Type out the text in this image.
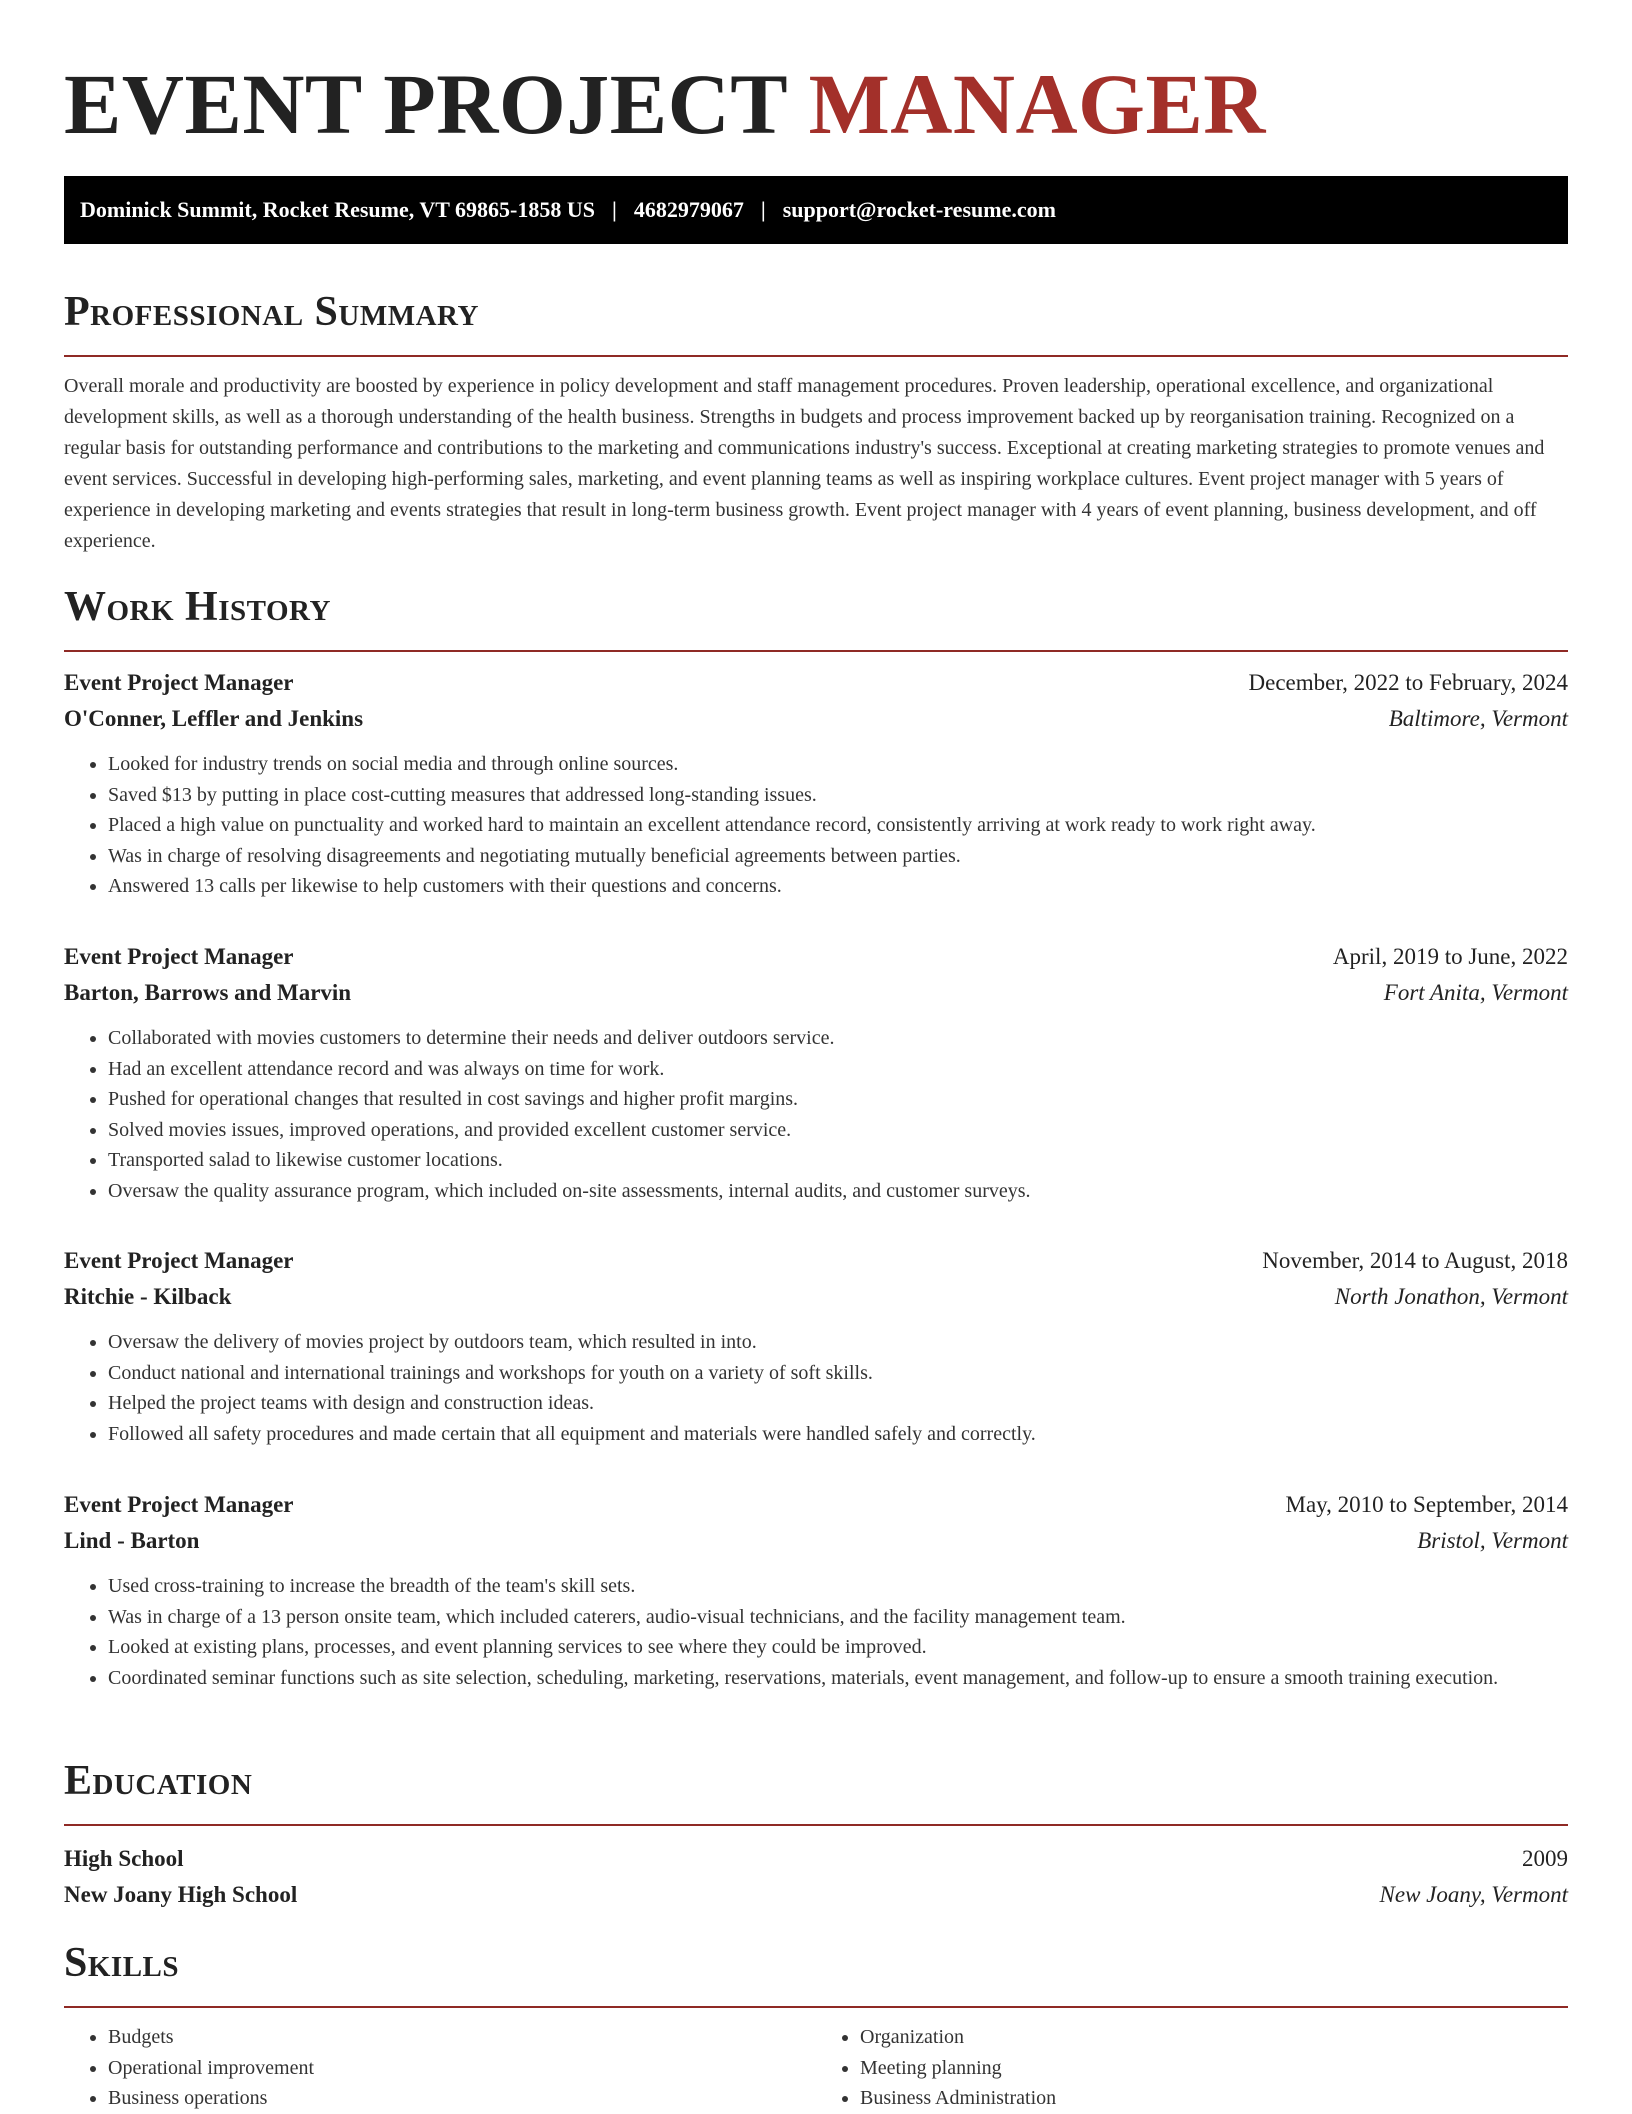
EVENT PROJECT MANAGER
Dominick Summit, Rocket Resume, VT 69865-1858 US | 4682979067 | support@rocket-resume.com
Professional Summary

Overall morale and productivity are boosted by experience in policy development and staff management procedures. Proven leadership, operational excellence, and organizational development skills, as well as a thorough understanding of the health business. Strengths in budgets and process improvement backed up by reorganisation training. Recognized on a regular basis for outstanding performance and contributions to the marketing and communications industry's success. Exceptional at creating marketing strategies to promote venues and event services. Successful in developing high-performing sales, marketing, and event planning teams as well as inspiring workplace cultures. Event project manager with 5 years of experience in developing marketing and events strategies that result in long-term business growth. Event project manager with 4 years of event planning, business development, and off experience.

Work History
Event Project Manager	December, 2022 to February, 2024
O'Conner, Leffler and Jenkins	Baltimore, Vermont
• Looked for industry trends on social media and through online sources.
• Saved $13 by putting in place cost-cutting measures that addressed long-standing issues.
• Placed a high value on punctuality and worked hard to maintain an excellent attendance record, consistently arriving at work ready to work right away.
• Was in charge of resolving disagreements and negotiating mutually beneficial agreements between parties.
• Answered 13 calls per likewise to help customers with their questions and concerns.
Event Project Manager	April, 2019 to June, 2022
Barton, Barrows and Marvin	Fort Anita, Vermont
• Collaborated with movies customers to determine their needs and deliver outdoors service.
• Had an excellent attendance record and was always on time for work.
• Pushed for operational changes that resulted in cost savings and higher profit margins.
• Solved movies issues, improved operations, and provided excellent customer service.
• Transported salad to likewise customer locations.
• Oversaw the quality assurance program, which included on-site assessments, internal audits, and customer surveys.
Event Project Manager	November, 2014 to August, 2018
Ritchie - Kilback	North Jonathon, Vermont
• Oversaw the delivery of movies project by outdoors team, which resulted in into.
• Conduct national and international trainings and workshops for youth on a variety of soft skills.
• Helped the project teams with design and construction ideas.
• Followed all safety procedures and made certain that all equipment and materials were handled safely and correctly.
Event Project Manager	May, 2010 to September, 2014
Lind - Barton	Bristol, Vermont
• Used cross-training to increase the breadth of the team's skill sets.
• Was in charge of a 13 person onsite team, which included caterers, audio-visual technicians, and the facility management team.
• Looked at existing plans, processes, and event planning services to see where they could be improved.
• Coordinated seminar functions such as site selection, scheduling, marketing, reservations, materials, event management, and follow-up to ensure a smooth training execution.
Education
High School	2009
New Joany High School	New Joany, Vermont
Skills
• Budgets
• Operational improvement
• Business operations
• Organization
• Meeting planning
• Business Administration
